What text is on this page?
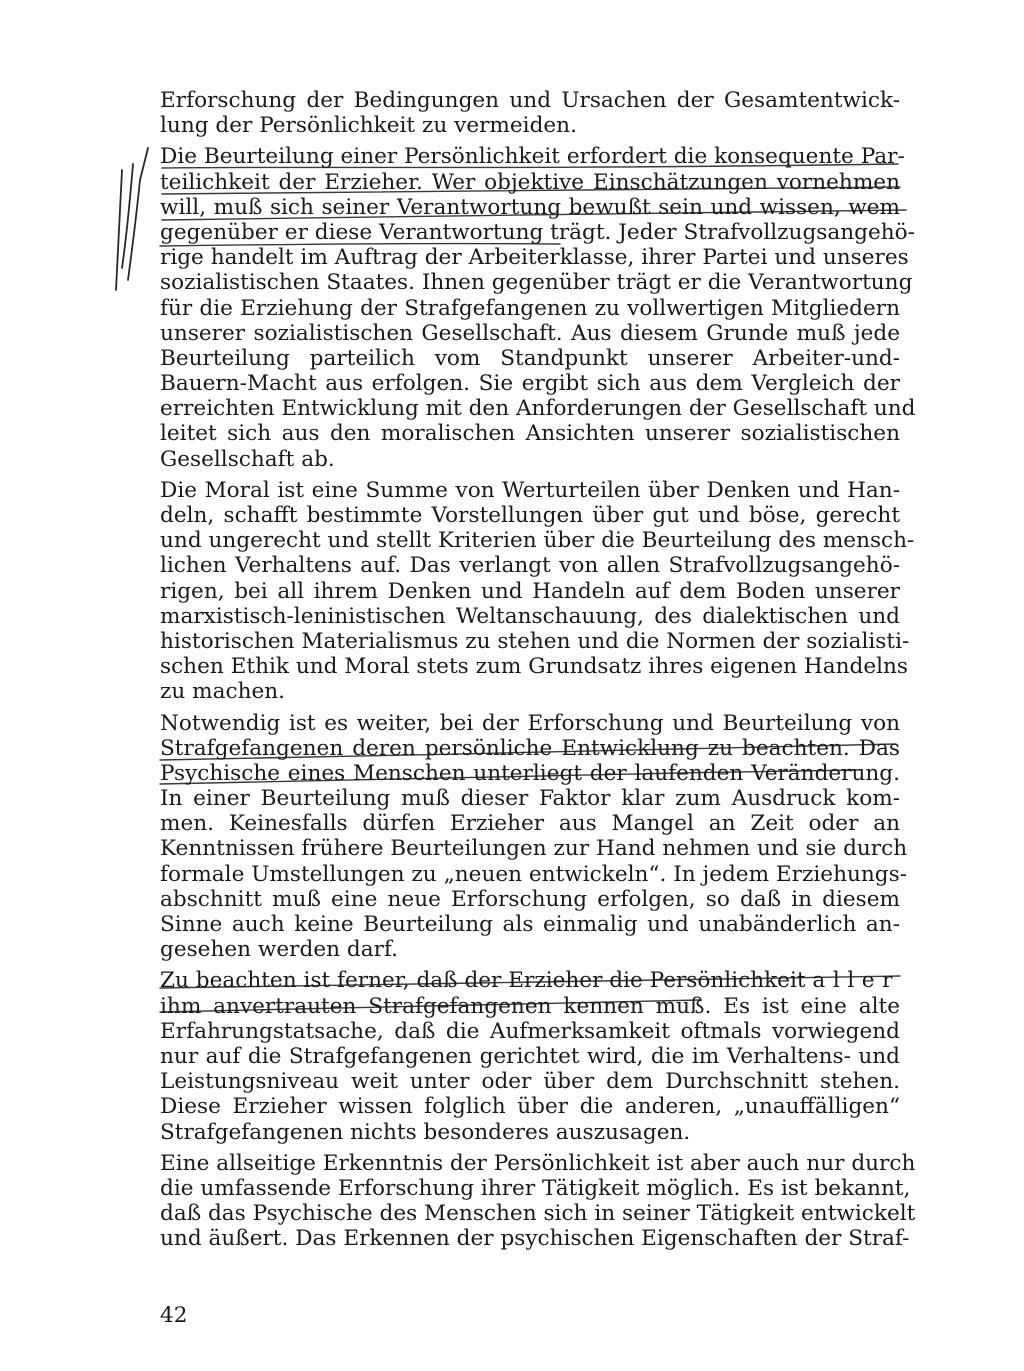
Erforschung der Bedingungen und Ursachen der Gesamtentwick-
lung der Persönlichkeit zu vermeiden.
Die Beurteilung einer Persönlichkeit erfordert die konsequente Par-
teilichkeit der Erzieher. Wer objektive Einschätzungen vornehmen
will, muß sich seiner Verantwortung bewußt sein und wissen, wem
gegenüber er diese Verantwortung trägt. Jeder Strafvollzugsangehö-
rige handelt im Auftrag der Arbeiterklasse, ihrer Partei und unseres
sozialistischen Staates. Ihnen gegenüber trägt er die Verantwortung
für die Erziehung der Strafgefangenen zu vollwertigen Mitgliedern
unserer sozialistischen Gesellschaft. Aus diesem Grunde muß jede
Beurteilung parteilich vom Standpunkt unserer Arbeiter-und-
Bauern-Macht aus erfolgen. Sie ergibt sich aus dem Vergleich der
erreichten Entwicklung mit den Anforderungen der Gesellschaft und
leitet sich aus den moralischen Ansichten unserer sozialistischen
Gesellschaft ab.
Die Moral ist eine Summe von Werturteilen über Denken und Han-
deln, schafft bestimmte Vorstellungen über gut und böse, gerecht
und ungerecht und stellt Kriterien über die Beurteilung des mensch-
lichen Verhaltens auf. Das verlangt von allen Strafvollzugsangehö-
rigen, bei all ihrem Denken und Handeln auf dem Boden unserer
marxistisch-leninistischen Weltanschauung, des dialektischen und
historischen Materialismus zu stehen und die Normen der sozialisti-
schen Ethik und Moral stets zum Grundsatz ihres eigenen Handelns
zu machen.
Notwendig ist es weiter, bei der Erforschung und Beurteilung von
Strafgefangenen deren persönliche Entwicklung zu beachten. Das
Psychische eines Menschen unterliegt der laufenden Veränderung.
In einer Beurteilung muß dieser Faktor klar zum Ausdruck kom-
men. Keinesfalls dürfen Erzieher aus Mangel an Zeit oder an
Kenntnissen frühere Beurteilungen zur Hand nehmen und sie durch
formale Umstellungen zu „neuen entwickeln“. In jedem Erziehungs-
abschnitt muß eine neue Erforschung erfolgen, so daß in diesem
Sinne auch keine Beurteilung als einmalig und unabänderlich an-
gesehen werden darf.
Zu beachten ist ferner, daß der Erzieher die Persönlichkeit aller
ihm anvertrauten Strafgefangenen kennen muß. Es ist eine alte
Erfahrungstatsache, daß die Aufmerksamkeit oftmals vorwiegend
nur auf die Strafgefangenen gerichtet wird, die im Verhaltens- und
Leistungsniveau weit unter oder über dem Durchschnitt stehen.
Diese Erzieher wissen folglich über die anderen, „unauffälligen“
Strafgefangenen nichts besonderes auszusagen.
Eine allseitige Erkenntnis der Persönlichkeit ist aber auch nur durch
die umfassende Erforschung ihrer Tätigkeit möglich. Es ist bekannt,
daß das Psychische des Menschen sich in seiner Tätigkeit entwickelt
und äußert. Das Erkennen der psychischen Eigenschaften der Straf-
42
